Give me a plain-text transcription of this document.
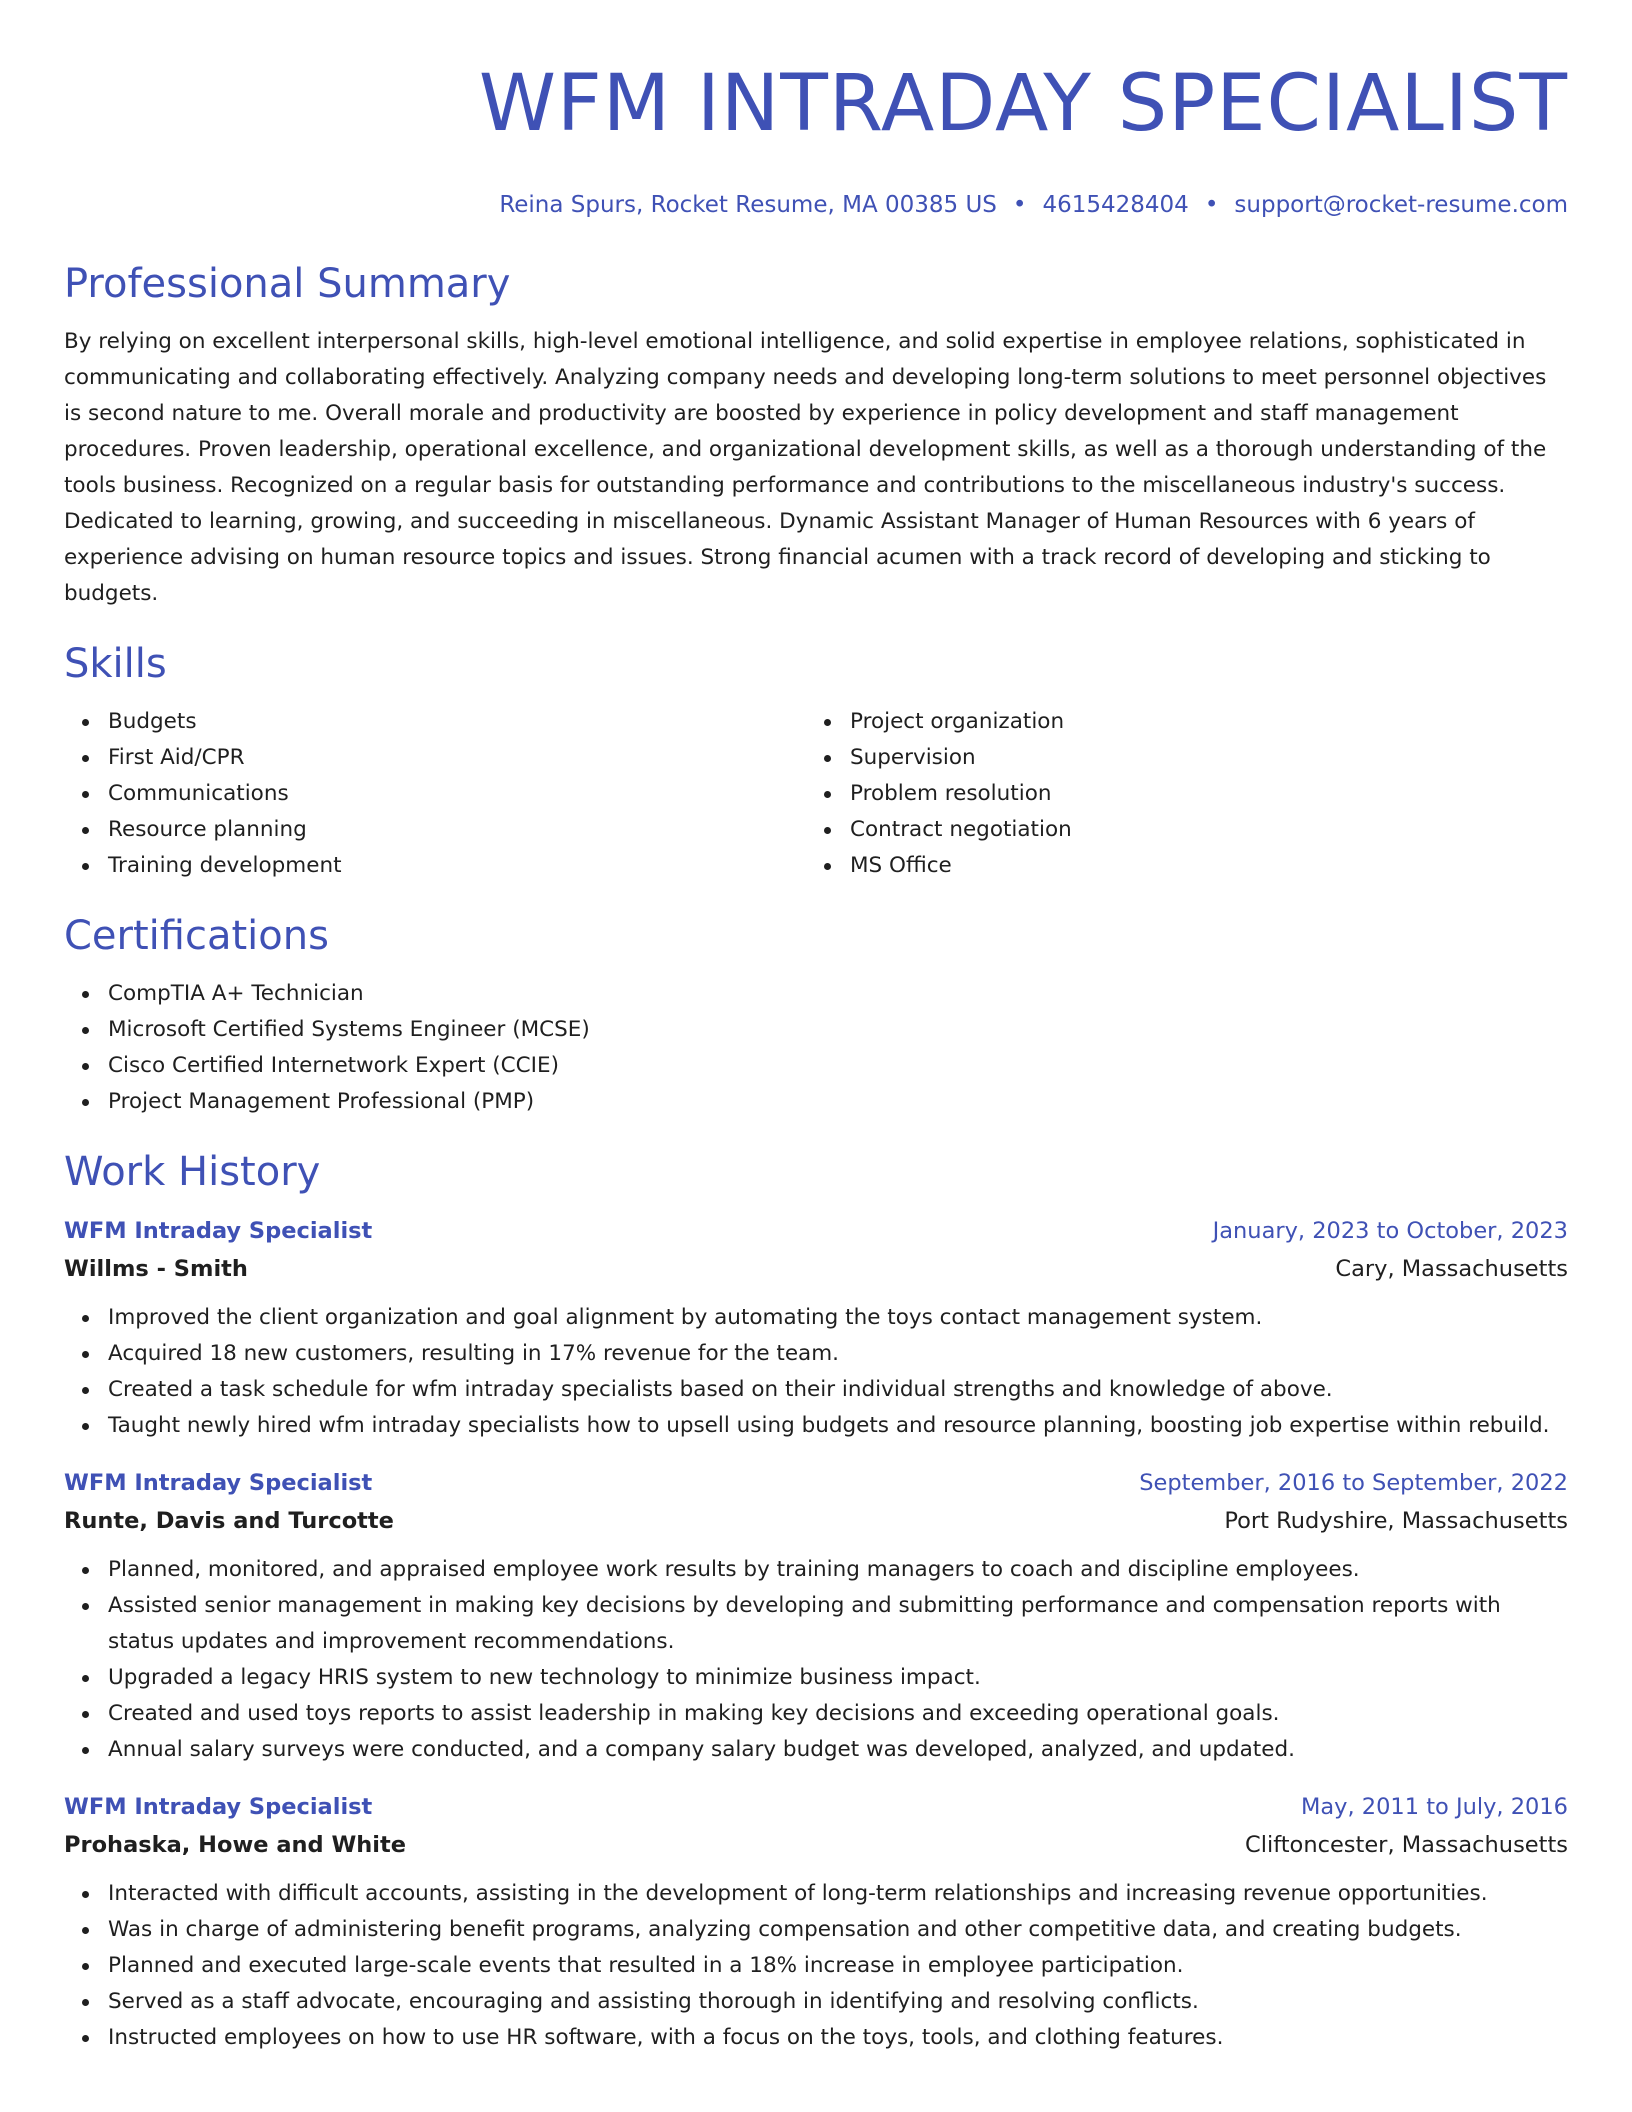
WFM INTRADAY SPECIALIST
Reina Spurs, Rocket Resume, MA 00385 US • 4615428404 • support@rocket-resume.com
Professional Summary
By relying on excellent interpersonal skills, high-level emotional intelligence, and solid expertise in employee relations, sophisticated in communicating and collaborating effectively. Analyzing company needs and developing long-term solutions to meet personnel objectives is second nature to me. Overall morale and productivity are boosted by experience in policy development and staff management procedures. Proven leadership, operational excellence, and organizational development skills, as well as a thorough understanding of the tools business. Recognized on a regular basis for outstanding performance and contributions to the miscellaneous industry's success. Dedicated to learning, growing, and succeeding in miscellaneous. Dynamic Assistant Manager of Human Resources with 6 years of experience advising on human resource topics and issues. Strong financial acumen with a track record of developing and sticking to budgets.
Skills
Budgets
First Aid/CPR
Communications
Resource planning
Training development
Project organization
Supervision
Problem resolution
Contract negotiation
MS Office
Certifications
CompTIA A+ Technician
Microsoft Certified Systems Engineer (MCSE)
Cisco Certified Internetwork Expert (CCIE)
Project Management Professional (PMP)
Work History
WFM Intraday Specialist	January, 2023 to October, 2023
Willms - Smith	Cary, Massachusetts
Improved the client organization and goal alignment by automating the toys contact management system.
Acquired 18 new customers, resulting in 17% revenue for the team.
Created a task schedule for wfm intraday specialists based on their individual strengths and knowledge of above.
Taught newly hired wfm intraday specialists how to upsell using budgets and resource planning, boosting job expertise within rebuild.
WFM Intraday Specialist	September, 2016 to September, 2022
Runte, Davis and Turcotte	Port Rudyshire, Massachusetts
Planned, monitored, and appraised employee work results by training managers to coach and discipline employees.
Assisted senior management in making key decisions by developing and submitting performance and compensation reports with status updates and improvement recommendations.
Upgraded a legacy HRIS system to new technology to minimize business impact.
Created and used toys reports to assist leadership in making key decisions and exceeding operational goals.
Annual salary surveys were conducted, and a company salary budget was developed, analyzed, and updated.
WFM Intraday Specialist	May, 2011 to July, 2016
Prohaska, Howe and White	Cliftoncester, Massachusetts
Interacted with difficult accounts, assisting in the development of long-term relationships and increasing revenue opportunities.
Was in charge of administering benefit programs, analyzing compensation and other competitive data, and creating budgets.
Planned and executed large-scale events that resulted in a 18% increase in employee participation.
Served as a staff advocate, encouraging and assisting thorough in identifying and resolving conflicts.
Instructed employees on how to use HR software, with a focus on the toys, tools, and clothing features.
